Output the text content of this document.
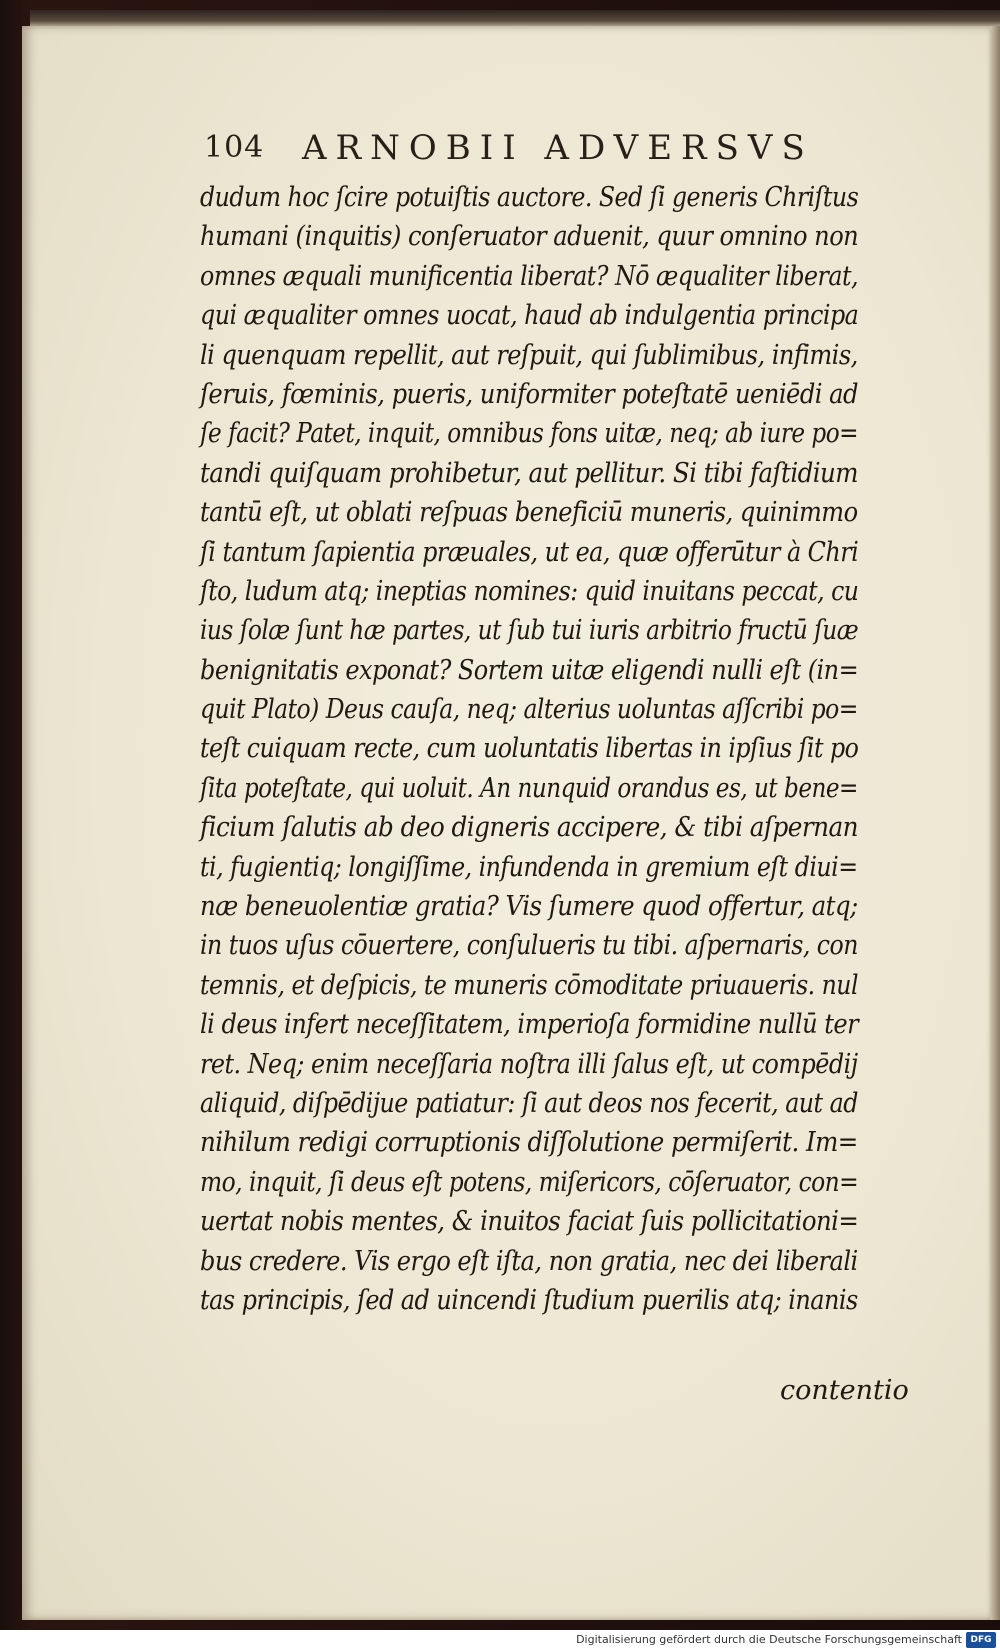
104 ARNOBII ADVERSVS
dudum hoc ſcire potuiſtis auctore. Sed ſi generis Chriſtus
humani (inquitis) conſeruator aduenit, quur omnino non
omnes æquali munificentia liberat? Nō æqualiter liberat,
qui æqualiter omnes uocat, haud ab indulgentia principa
li quenquam repellit, aut reſpuit, qui ſublimibus, infimis,
ſeruis, fœminis, pueris, uniformiter poteſtatē ueniēdi ad
ſe facit? Patet, inquit, omnibus fons uitæ, neq; ab iure po=
tandi quiſquam prohibetur, aut pellitur. Si tibi faſtidium
tantū eſt, ut oblati reſpuas beneficiū muneris, quinimmo
ſi tantum ſapientia præuales, ut ea, quæ offerūtur à Chri
ſto, ludum atq; ineptias nomines: quid inuitans peccat, cu
ius ſolæ ſunt hæ partes, ut ſub tui iuris arbitrio fructū ſuæ
benignitatis exponat? Sortem uitæ eligendi nulli eſt (in=
quit Plato) Deus cauſa, neq; alterius uoluntas aſſcribi po=
teſt cuiquam recte, cum uoluntatis libertas in ipſius ſit po
ſita poteſtate, qui uoluit. An nunquid orandus es, ut bene=
ficium ſalutis ab deo digneris accipere, & tibi aſpernan
ti, fugientiq; longiſſime, infundenda in gremium eſt diui=
næ beneuolentiæ gratia? Vis ſumere quod offertur, atq;
in tuos uſus cōuertere, conſulueris tu tibi. aſpernaris, con
temnis, et deſpicis, te muneris cōmoditate priuaueris. nul
li deus infert neceſſitatem, imperioſa formidine nullū ter
ret. Neq; enim neceſſaria noſtra illi ſalus eſt, ut compēdij
aliquid, diſpēdijue patiatur: ſi aut deos nos fecerit, aut ad
nihilum redigi corruptionis diſſolutione permiſerit. Im=
mo, inquit, ſi deus eſt potens, miſericors, cōſeruator, con=
uertat nobis mentes, & inuitos faciat ſuis pollicitationi=
bus credere. Vis ergo eſt iſta, non gratia, nec dei liberali
tas principis, ſed ad uincendi ſtudium puerilis atq; inanis
contentio
Digitalisierung gefördert durch die Deutsche Forschungsgemeinschaft DFG
